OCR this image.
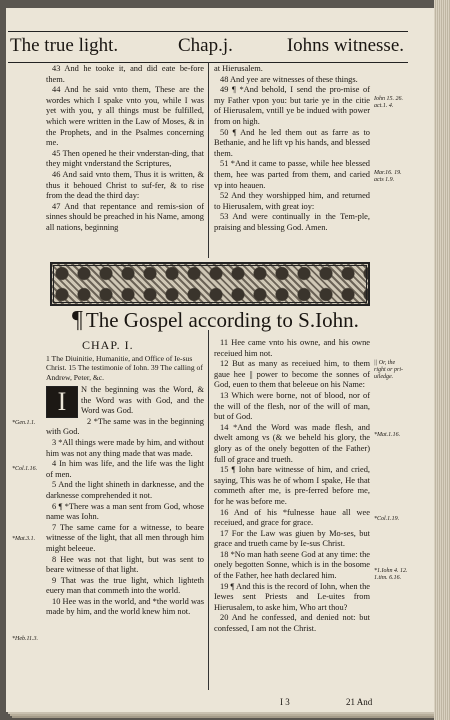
The true light.	Chap.j.	Iohns witnesse.

43 And he tooke it, and did eate be-fore them.

44 And he said vnto them, These are the wordes which I spake vnto you, while I was yet with you, y all things must be fulfilled, which were written in the Law of Moses, & in the Prophets, and in the Psalmes concerning me.

45 Then opened he their vnderstan-ding, that they might vnderstand the Scriptures,

46 And said vnto them, Thus it is written, & thus it behoued Christ to suf-fer, & to rise from the dead the third day:

47 And that repentance and remis-sion of sinnes should be preached in his Name, among all nations, beginning

at Hierusalem.

48 And yee are witnesses of these things.

49 ¶ *And behold, I send the pro-mise of my Father vpon you: but tarie ye in the citie of Hierusalem, vntill ye be indued with power from on high.

50 ¶ And he led them out as farre as to Bethanie, and he lift vp his hands, and blessed them.

51 *And it came to passe, while hee blessed them, hee was parted from them, and caried vp into heauen.

52 And they worshipped him, and returned to Hierusalem, with great ioy:

53 And were continually in the Tem-ple, praising and blessing God. Amen.

Iohn 15. 26. act.1. 4.
Mar.16. 19. acts 1.9.
¶ The Gospel according to S.Iohn.
CHAP. I.
1 The Diuinitie, Humanitie, and Office of Ie-sus Christ. 15 The testimonie of Iohn. 39 The calling of Andrew, Peter, &c.

I	N the beginning was the Word, & the Word was with God, and the Word was God.

2 *The same was in the beginning with God.

3 *All things were made by him, and without him was not any thing made that was made.

4 In him was life, and the life was the light of men.

5 And the light shineth in darknesse, and the darknesse comprehended it not.

6 ¶ *There was a man sent from God, whose name was Iohn.

7 The same came for a witnesse, to beare witnesse of the light, that all men through him might beleeue.

8 Hee was not that light, but was sent to beare witnesse of that light.

9 That was the true light, which lighteth euery man that commeth into the world.

10 Hee was in the world, and *the world was made by him, and the world knew him not.

*Gen.1.1.
*Col.1.16.
*Mat.3.1.
*Heb.11.3.

11 Hee came vnto his owne, and his owne receiued him not.

12 But as many as receiued him, to them gaue hee || power to become the sonnes of God, euen to them that beleeue on his Name:

13 Which were borne, not of blood, nor of the will of the flesh, nor of the will of man, but of God.

14 *And the Word was made flesh, and dwelt among vs (& we beheld his glory, the glory as of the onely begotten of the Father) full of grace and trueth.

15 ¶ Iohn bare witnesse of him, and cried, saying, This was he of whom I spake, He that commeth after me, is pre-ferred before me, for he was before me.

16 And of his *fulnesse haue all wee receiued, and grace for grace.

17 For the Law was giuen by Mo-ses, but grace and trueth came by Ie-sus Christ.

18 *No man hath seene God at any time: the onely begotten Sonne, which is in the bosome of the Father, hee hath declared him.

19 ¶ And this is the record of Iohn, when the Iewes sent Priests and Le-uites from Hierusalem, to aske him, Who art thou?

20 And he confessed, and denied not: but confessed, I am not the Christ.

|| Or, the right or pri-uiledge.
*Mat.1.16.
*Col.1.19.
*1.Iohn 4. 12. 1.tim. 6.16.
I 3	21 And
